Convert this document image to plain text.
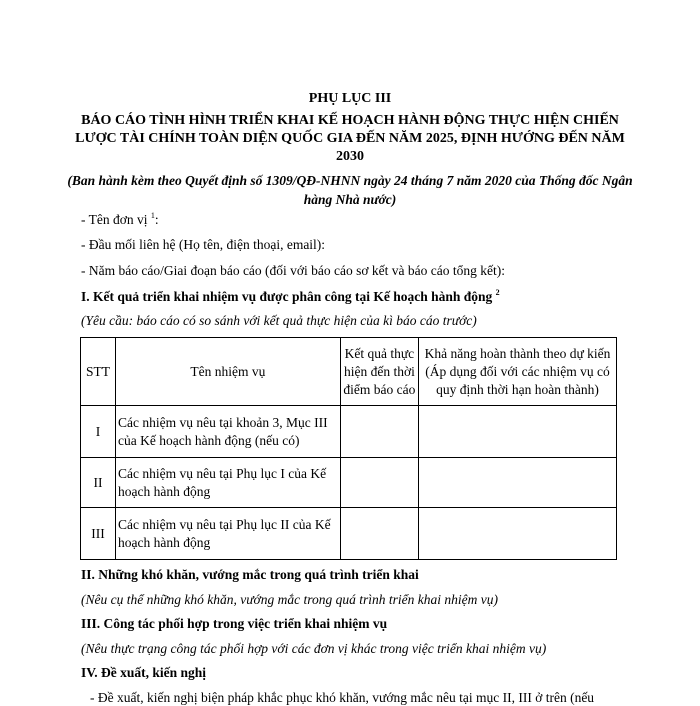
PHỤ LỤC III
BÁO CÁO TÌNH HÌNH TRIỂN KHAI KẾ HOẠCH HÀNH ĐỘNG THỰC HIỆN CHIẾN LƯỢC TÀI CHÍNH TOÀN DIỆN QUỐC GIA ĐẾN NĂM 2025, ĐỊNH HƯỚNG ĐẾN NĂM 2030
(Ban hành kèm theo Quyết định số 1309/QĐ-NHNN ngày 24 tháng 7 năm 2020 của Thống đốc Ngân hàng Nhà nước)
- Tên đơn vị $^1$:
- Đầu mối liên hệ (Họ tên, điện thoại, email):
- Năm báo cáo/Giai đoạn báo cáo (đối với báo cáo sơ kết và báo cáo tổng kết):
I. Kết quả triển khai nhiệm vụ được phân công tại Kế hoạch hành động $^2$
(Yêu cầu: báo cáo có so sánh với kết quả thực hiện của kì báo cáo trước)
STT	Tên nhiệm vụ	Kết quả thực hiện đến thời điểm báo cáo	Khả năng hoàn thành theo dự kiến (Áp dụng đối với các nhiệm vụ có quy định thời hạn hoàn thành)
I	Các nhiệm vụ nêu tại khoản 3, Mục III của Kế hoạch hành động (nếu có)		
II	Các nhiệm vụ nêu tại Phụ lục I của Kế hoạch hành động		
III	Các nhiệm vụ nêu tại Phụ lục II của Kế hoạch hành động		
II. Những khó khăn, vướng mắc trong quá trình triển khai
(Nêu cụ thể những khó khăn, vướng mắc trong quá trình triển khai nhiệm vụ)
III. Công tác phối hợp trong việc triển khai nhiệm vụ
(Nêu thực trạng công tác phối hợp với các đơn vị khác trong việc triển khai nhiệm vụ)
IV. Đề xuất, kiến nghị
- Đề xuất, kiến nghị biện pháp khắc phục khó khăn, vướng mắc nêu tại mục II, III ở trên (nếu
